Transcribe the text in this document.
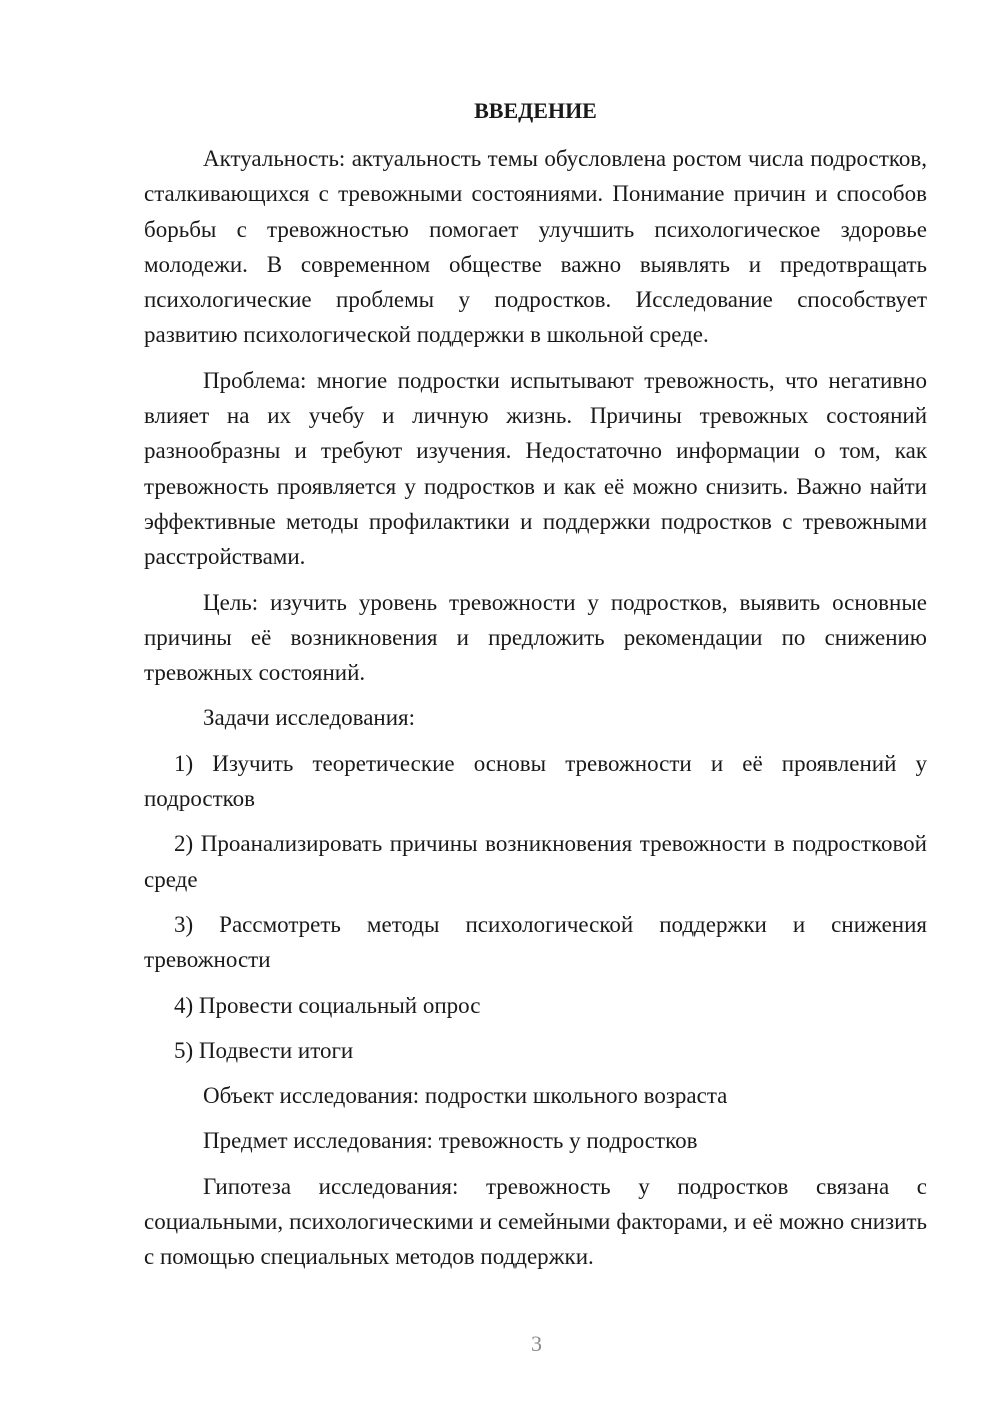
ВВЕДЕНИЕ

Актуальность: актуальность темы обусловлена ростом числа подростков, сталкивающихся с тревожными состояниями. Понимание причин и способов борьбы с тревожностью помогает улучшить психологическое здоровье молодежи. В современном обществе важно выявлять и предотвращать психологические проблемы у подростков. Исследование способствует развитию психологической поддержки в школьной среде.

Проблема: многие подростки испытывают тревожность, что негативно влияет на их учебу и личную жизнь. Причины тревожных состояний разнообразны и требуют изучения. Недостаточно информации о том, как тревожность проявляется у подростков и как её можно снизить. Важно найти эффективные методы профилактики и поддержки подростков с тревожными расстройствами.

Цель: изучить уровень тревожности у подростков, выявить основные причины её возникновения и предложить рекомендации по снижению тревожных состояний.

Задачи исследования:

1) Изучить теоретические основы тревожности и её проявлений у подростков

2) Проанализировать причины возникновения тревожности в подростковой среде

3) Рассмотреть методы психологической поддержки и снижения тревожности

4) Провести социальный опрос

5) Подвести итоги

Объект исследования: подростки школьного возраста

Предмет исследования: тревожность у подростков

Гипотеза исследования: тревожность у подростков связана с социальными, психологическими и семейными факторами, и её можно снизить с помощью специальных методов поддержки.

3
